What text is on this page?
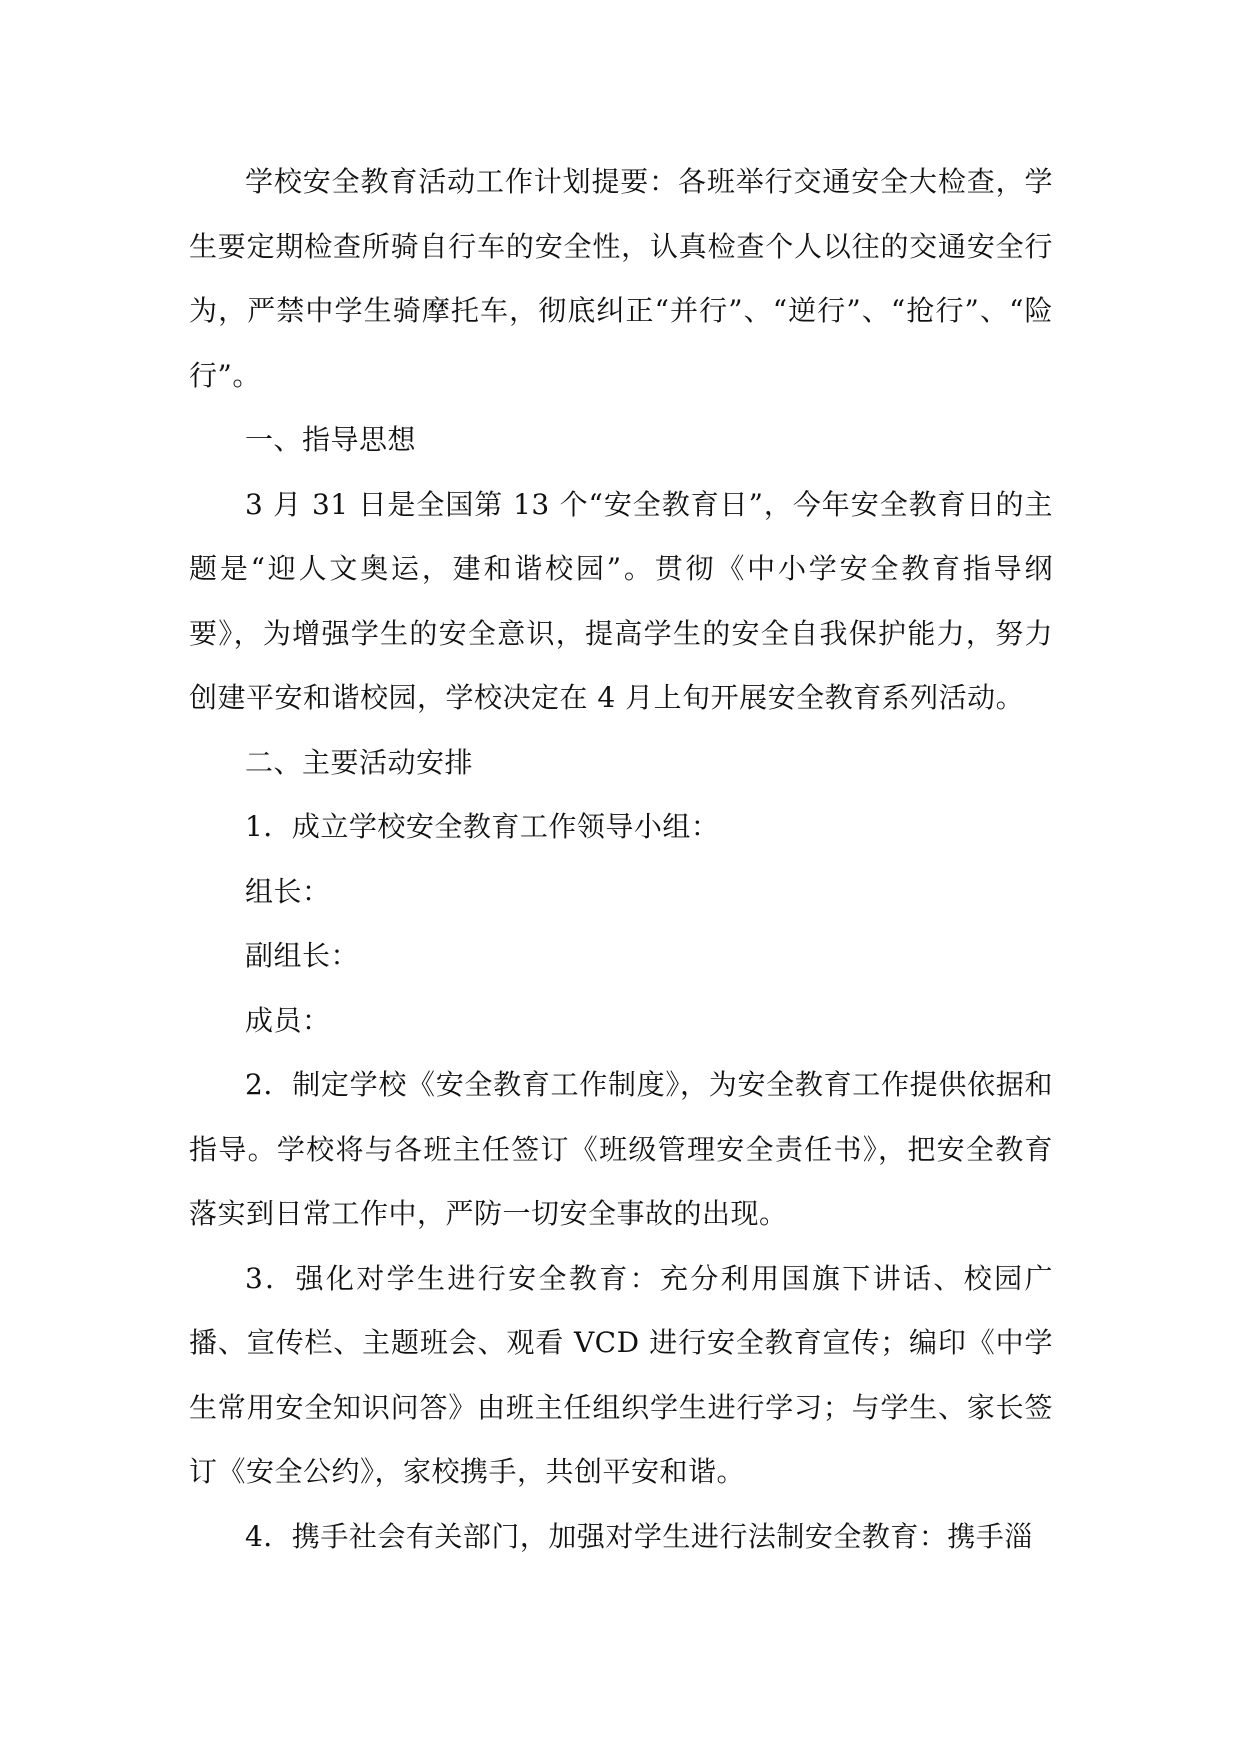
学校安全教育活动工作计划提要：各班举行交通安全大检查，学生要定期检查所骑自行车的安全性，认真检查个人以往的交通安全行为，严禁中学生骑摩托车，彻底纠正“并行”、“逆行”、“抢行”、“险行”。

一、指导思想

3 月 31 日是全国第 13 个“安全教育日”，今年安全教育日的主题是“迎人文奥运，建和谐校园”。贯彻《中小学安全教育指导纲要》，为增强学生的安全意识，提高学生的安全自我保护能力，努力创建平安和谐校园，学校决定在 4 月上旬开展安全教育系列活动。

二、主要活动安排

1．成立学校安全教育工作领导小组：

组长：

副组长：

成员：

2．制定学校《安全教育工作制度》，为安全教育工作提供依据和指导。学校将与各班主任签订《班级管理安全责任书》，把安全教育落实到日常工作中，严防一切安全事故的出现。

3．强化对学生进行安全教育：充分利用国旗下讲话、校园广播、宣传栏、主题班会、观看 VCD 进行安全教育宣传；编印《中学生常用安全知识问答》由班主任组织学生进行学习；与学生、家长签订《安全公约》，家校携手，共创平安和谐。

4．携手社会有关部门，加强对学生进行法制安全教育：携手淄
